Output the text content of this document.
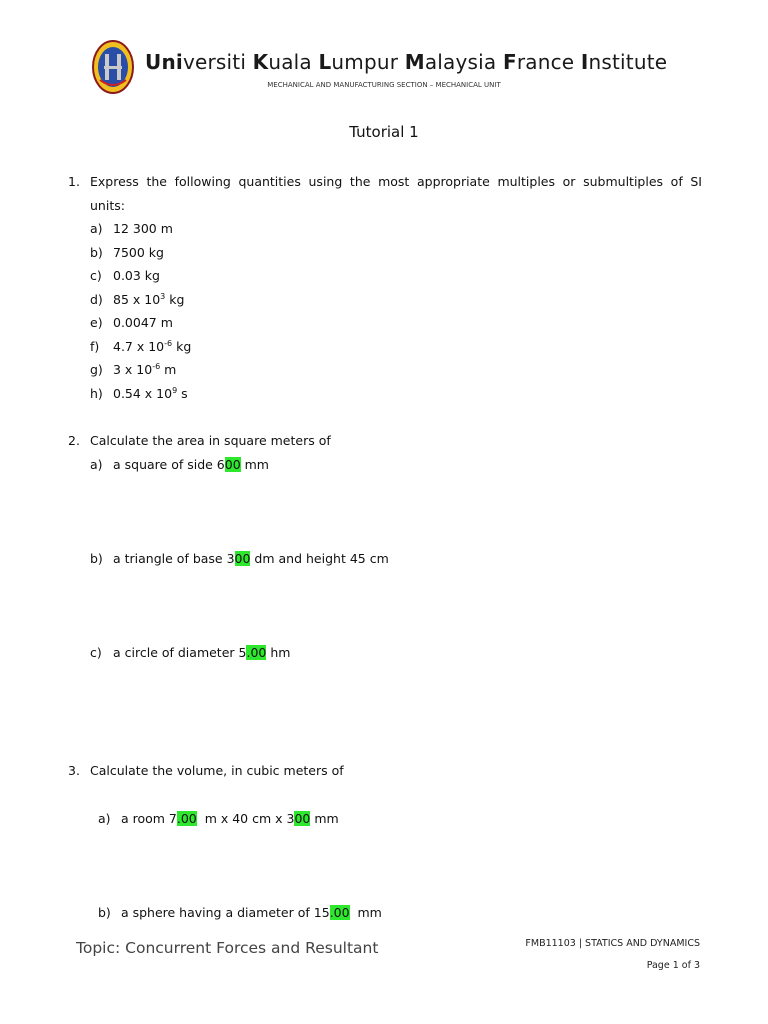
Universiti Kuala Lumpur Malaysia France Institute
MECHANICAL AND MANUFACTURING SECTION – MECHANICAL UNIT
Tutorial 1
1. Express the following quantities using the most appropriate multiples or submultiples of SI
units:
a) 12 300 m
b) 7500 kg
c) 0.03 kg
d) 85 x $10^3$ kg
e) 0.0047 m
f) 4.7 x $10^{-6}$ kg
g) 3 x $10^{-6}$ m
h) 0.54 x $10^9$ s
2. Calculate the area in square meters of
a) a square of side 600 mm
b) a triangle of base 300 dm and height 45 cm
c) a circle of diameter 5.00 hm
3. Calculate the volume, in cubic meters of

a) a room 7.00  m x 40 cm x 300 mm

b) a sphere having a diameter of 15.00  mm

Topic: Concurrent Forces and Resultant	FMB11103 | STATICS AND DYNAMICS
Page 1 of 3
